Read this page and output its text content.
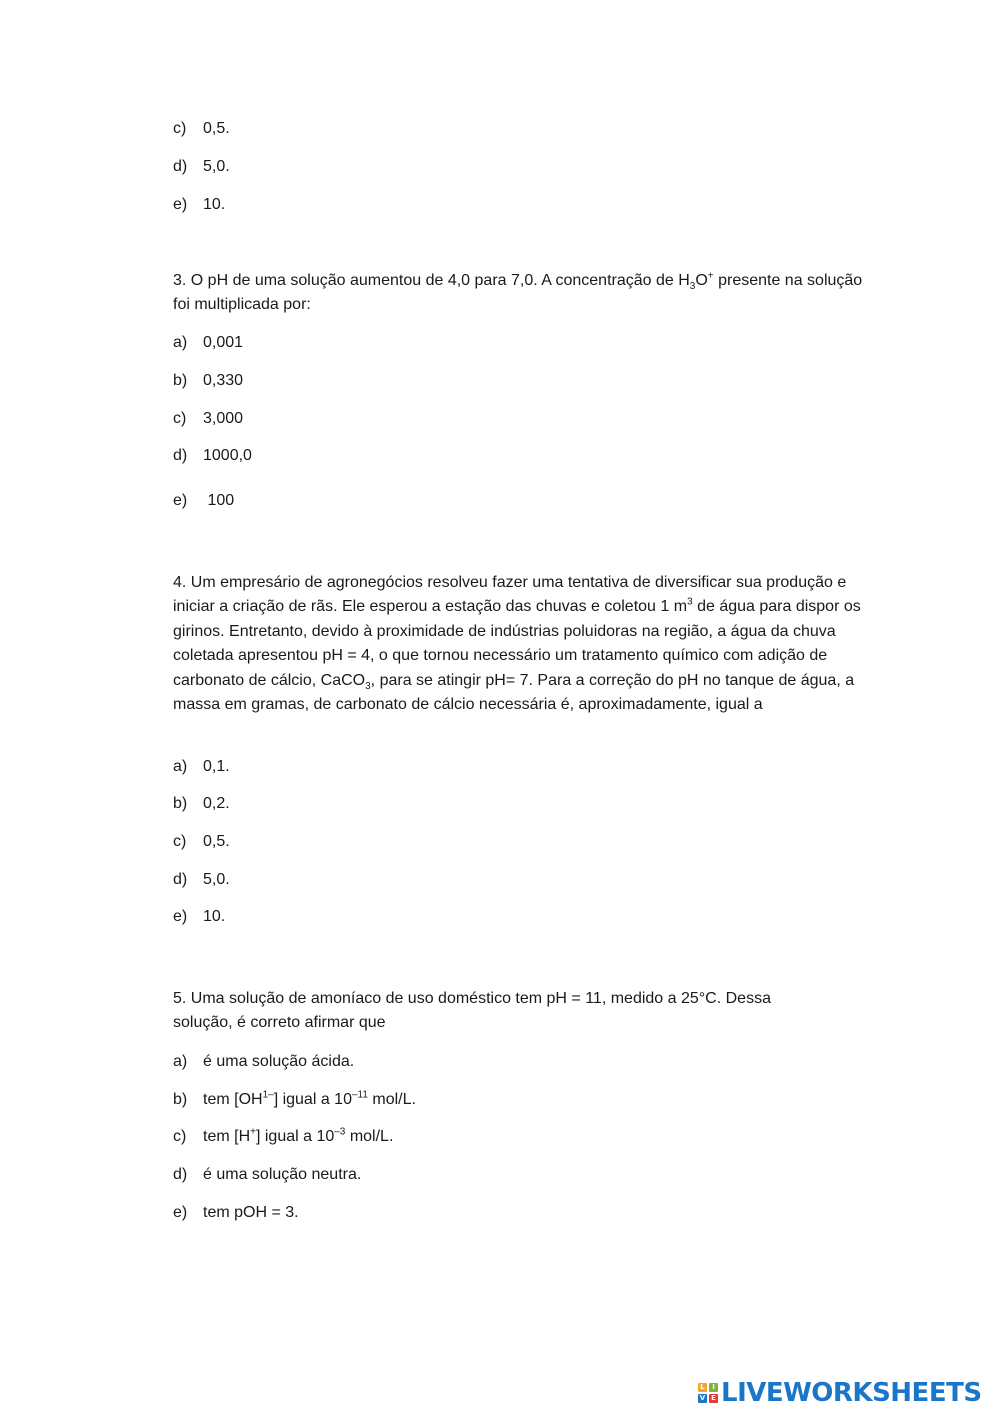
c) 0,5.
d) 5,0.
e) 10.
3. O pH de uma solução aumentou de 4,0 para 7,0. A concentração de $H_3O^+$ presente na solução foi multiplicada por:
a) 0,001
b) 0,330
c) 3,000
d) 1000,0
e) 100
4. Um empresário de agronegócios resolveu fazer uma tentativa de diversificar sua produção e iniciar a criação de rãs. Ele esperou a estação das chuvas e coletou 1 $m^3$ de água para dispor os girinos. Entretanto, devido à proximidade de indústrias poluidoras na região, a água da chuva coletada apresentou pH = 4, o que tornou necessário um tratamento químico com adição de carbonato de cálcio, CaCO$_3$, para se atingir pH= 7. Para a correção do pH no tanque de água, a massa em gramas, de carbonato de cálcio necessária é, aproximadamente, igual a
a) 0,1.
b) 0,2.
c) 0,5.
d) 5,0.
e) 10.
5. Uma solução de amoníaco de uso doméstico tem pH = 11, medido a 25°C. Dessa solução, é correto afirmar que
a) é uma solução ácida.
b) tem $[OH^{1-}]$ igual a $10^{-11}$ mol/L.
c) tem [H+] igual a $10^{-3}$ mol/L.
d) é uma solução neutra.
e) tem pOH = 3.
L	I
V E LIVEWORKSHEETS
